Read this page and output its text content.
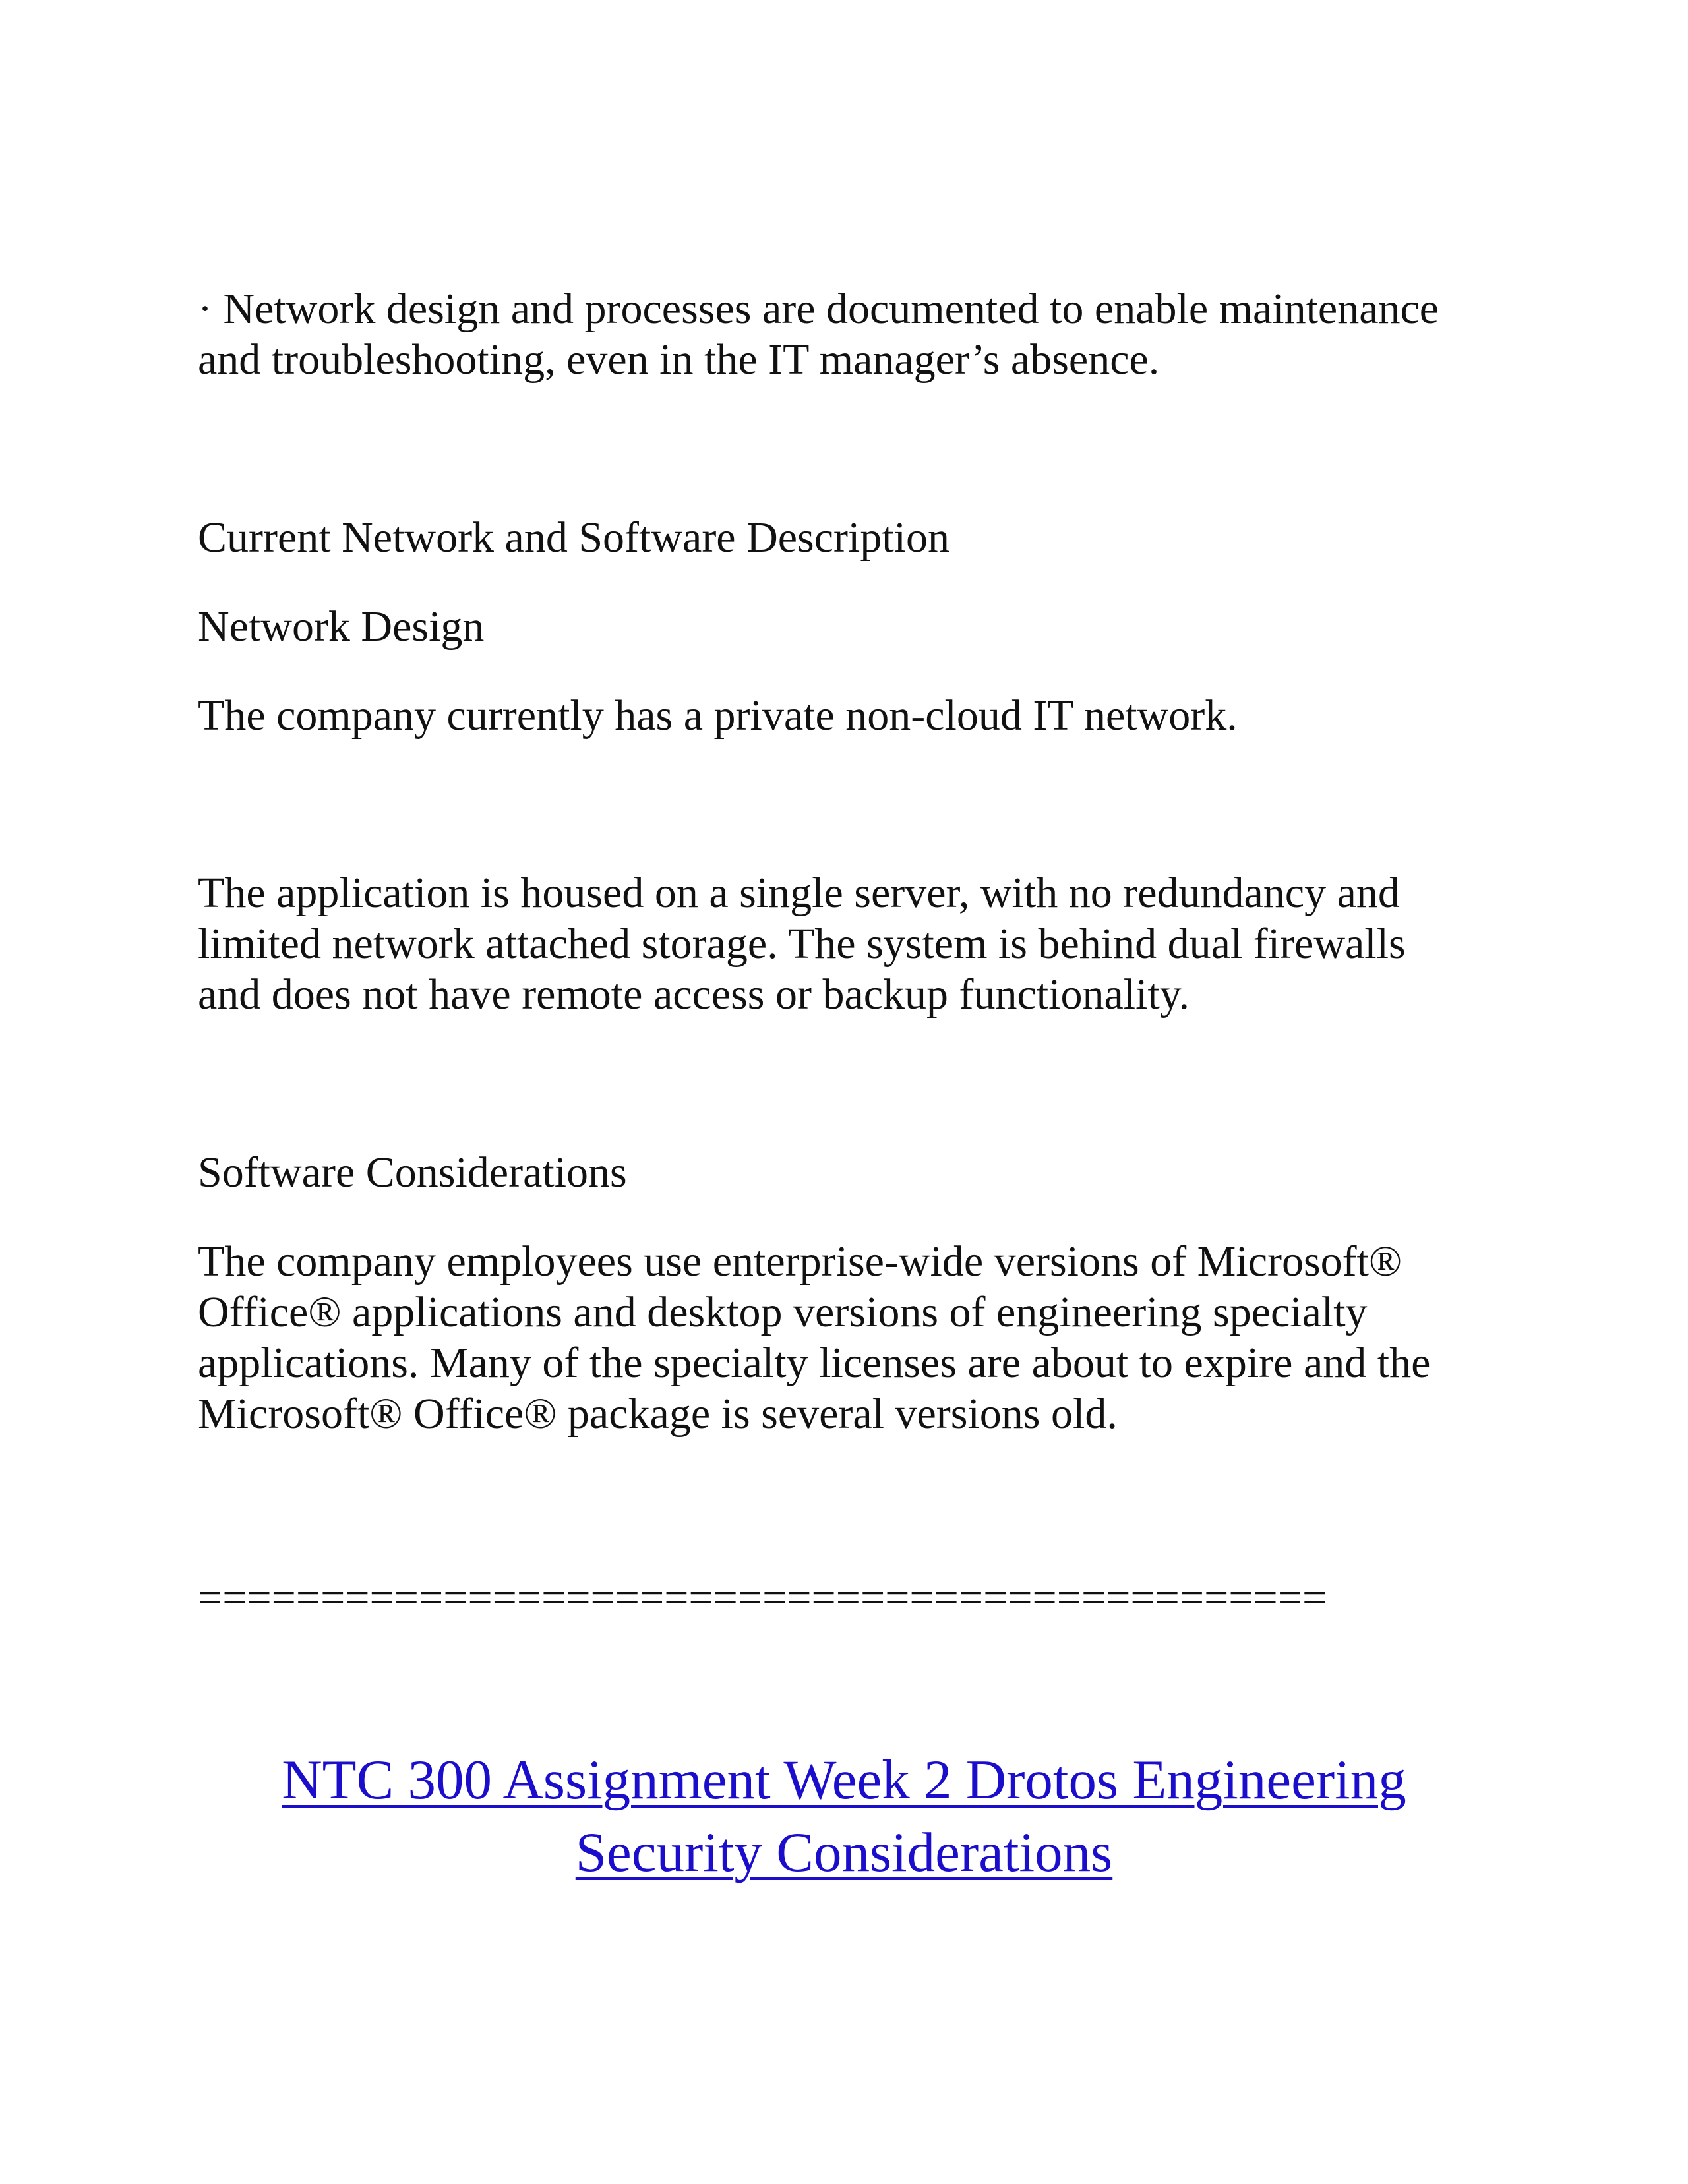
· Network design and processes are documented to enable maintenance
and troubleshooting, even in the IT manager’s absence.

Current Network and Software Description

Network Design

The company currently has a private non-cloud IT network.

The application is housed on a single server, with no redundancy and
limited network attached storage. The system is behind dual firewalls
and does not have remote access or backup functionality.

Software Considerations

The company employees use enterprise-wide versions of Microsoft®
Office® applications and desktop versions of engineering specialty
applications. Many of the specialty licenses are about to expire and the
Microsoft® Office® package is several versions old.

==============================================

NTC 300 Assignment Week 2 Drotos Engineering
Security Considerations
